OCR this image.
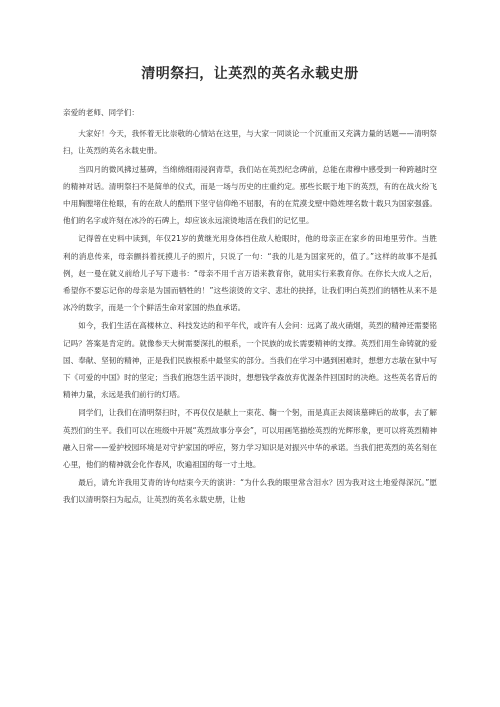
清明祭扫，让英烈的英名永载史册

亲爱的老师、同学们：

大家好！今天，我怀着无比崇敬的心情站在这里，与大家一同谈论一个沉重而又充满力量的话题——清明祭扫，让英烈的英名永载史册。

当四月的微风拂过墓碑，当绵绵细雨浸润青草，我们站在英烈纪念碑前，总能在肃穆中感受到一种跨越时空的精神对话。清明祭扫不是简单的仪式，而是一场与历史的庄重约定。那些长眠于地下的英烈，有的在战火纷飞中用胸膛堵住枪眼，有的在敌人的酷刑下坚守信仰绝不屈服，有的在荒漠戈壁中隐姓埋名数十载只为国家强盛。他们的名字或许刻在冰冷的石碑上，却应该永远滚烫地活在我们的记忆里。

记得曾在史料中读到，年仅21岁的黄继光用身体挡住敌人枪眼时，他的母亲正在家乡的田地里劳作。当胜利的消息传来，母亲颤抖着抚摸儿子的照片，只说了一句：“我的儿是为国家死的，值了。”这样的故事不是孤例，赵一曼在就义前给儿子写下遗书：“母亲不用千言万语来教育你，就用实行来教育你。在你长大成人之后，希望你不要忘记你的母亲是为国而牺牲的！”这些滚烫的文字、悲壮的抉择，让我们明白英烈们的牺牲从来不是冰冷的数字，而是一个个鲜活生命对家国的热血承诺。

如今，我们生活在高楼林立、科技发达的和平年代，或许有人会问：远离了战火硝烟，英烈的精神还需要铭记吗？答案是肯定的。就像参天大树需要深扎的根系，一个民族的成长需要精神的支撑。英烈们用生命铸就的爱国、奉献、坚韧的精神，正是我们民族根系中最坚实的部分。当我们在学习中遇到困难时，想想方志敏在狱中写下《可爱的中国》时的坚定；当我们抱怨生活平淡时，想想钱学森放弃优渥条件回国时的决绝。这些英名背后的精神力量，永远是我们前行的灯塔。

同学们，让我们在清明祭扫时，不再仅仅是献上一束花、鞠一个躬，而是真正去阅读墓碑后的故事，去了解英烈们的生平。我们可以在班级中开展“英烈故事分享会”，可以用画笔描绘英烈的光辉形象，更可以将英烈精神融入日常——爱护校园环境是对守护家国的呼应，努力学习知识是对振兴中华的承诺。当我们把英烈的英名刻在心里，他们的精神就会化作春风，吹遍祖国的每一寸土地。

最后，请允许我用艾青的诗句结束今天的演讲：“为什么我的眼里常含泪水？因为我对这土地爱得深沉。”愿我们以清明祭扫为起点，让英烈的英名永载史册，让他
